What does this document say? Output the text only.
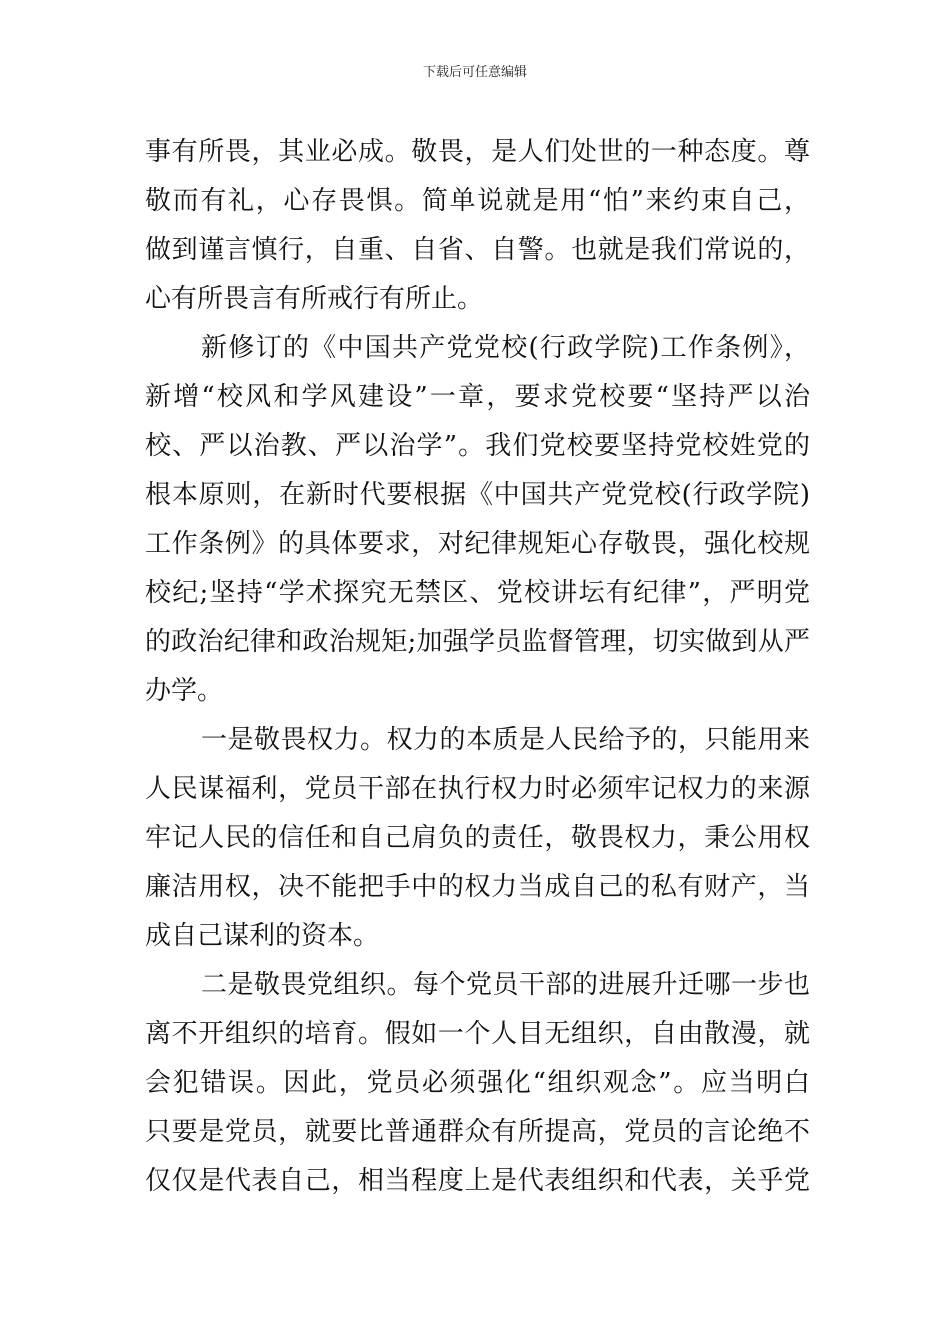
下载后可任意编辑
事有所畏，其业必成。敬畏，是人们处世的一种态度。尊
敬而有礼，心存畏惧。简单说就是用“怕”来约束自己，
做到谨言慎行，自重、自省、自警。也就是我们常说的，
心有所畏言有所戒行有所止。
新修订的《中国共产党党校(行政学院)工作条例》，
新增“校风和学风建设”一章，要求党校要“坚持严以治
校、严以治教、严以治学”。我们党校要坚持党校姓党的
根本原则，在新时代要根据《中国共产党党校(行政学院)
工作条例》的具体要求，对纪律规矩心存敬畏，强化校规
校纪;坚持“学术探究无禁区、党校讲坛有纪律”，严明党
的政治纪律和政治规矩;加强学员监督管理，切实做到从严
办学。
一是敬畏权力。权力的本质是人民给予的，只能用来
人民谋福利，党员干部在执行权力时必须牢记权力的来源
牢记人民的信任和自己肩负的责任，敬畏权力，秉公用权
廉洁用权，决不能把手中的权力当成自己的私有财产，当
成自己谋利的资本。
二是敬畏党组织。每个党员干部的进展升迁哪一步也
离不开组织的培育。假如一个人目无组织，自由散漫，就
会犯错误。因此，党员必须强化“组织观念”。应当明白
只要是党员，就要比普通群众有所提高，党员的言论绝不
仅仅是代表自己，相当程度上是代表组织和代表，关乎党
